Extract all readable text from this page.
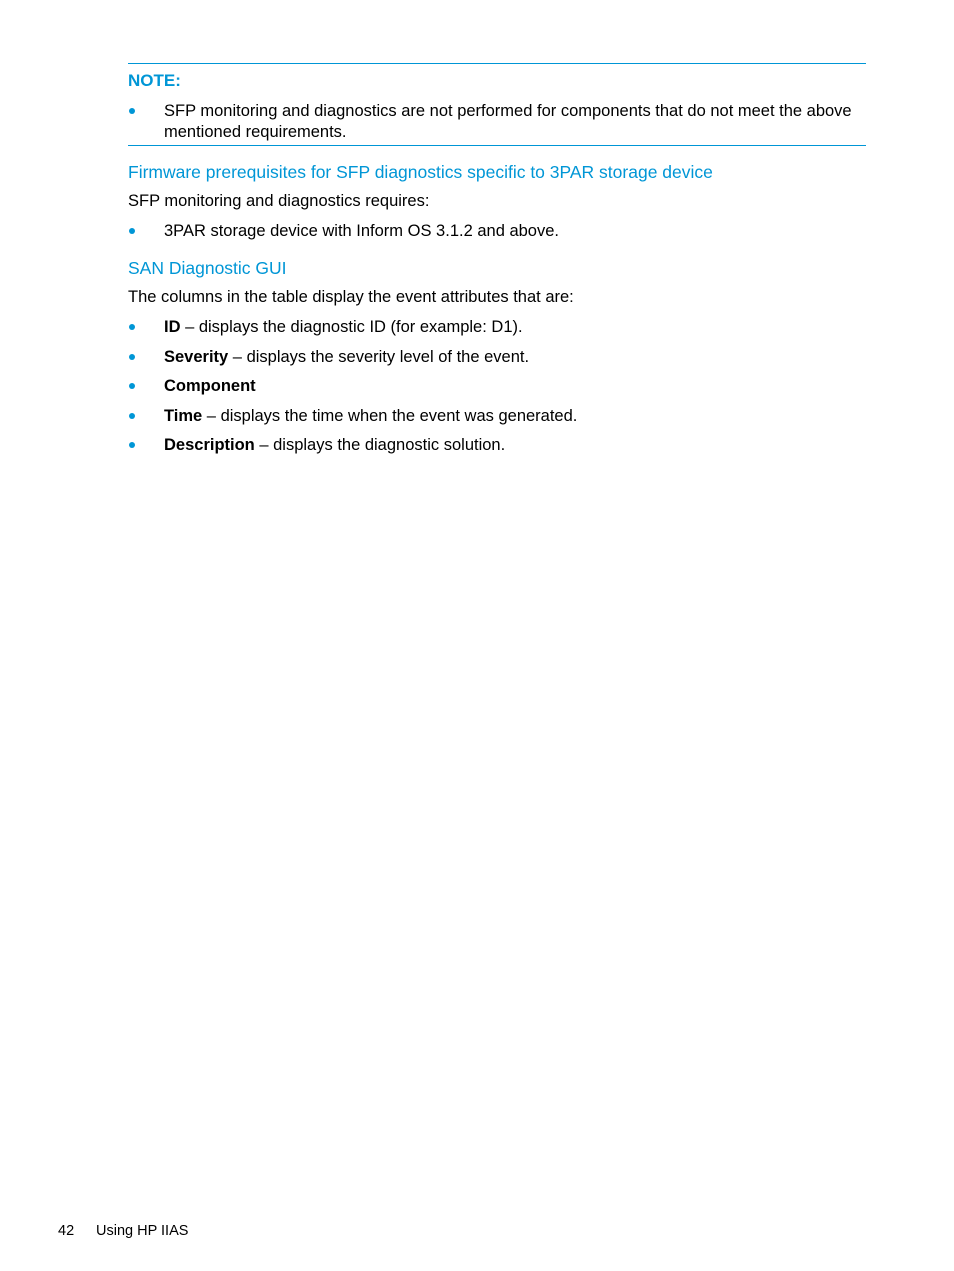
NOTE:
SFP monitoring and diagnostics are not performed for components that do not meet the above mentioned requirements.
Firmware prerequisites for SFP diagnostics specific to 3PAR storage device
SFP monitoring and diagnostics requires:
3PAR storage device with Inform OS 3.1.2 and above.
SAN Diagnostic GUI
The columns in the table display the event attributes that are:
ID – displays the diagnostic ID (for example: D1).
Severity – displays the severity level of the event.
Component
Time – displays the time when the event was generated.
Description – displays the diagnostic solution.
42 Using HP IIAS
